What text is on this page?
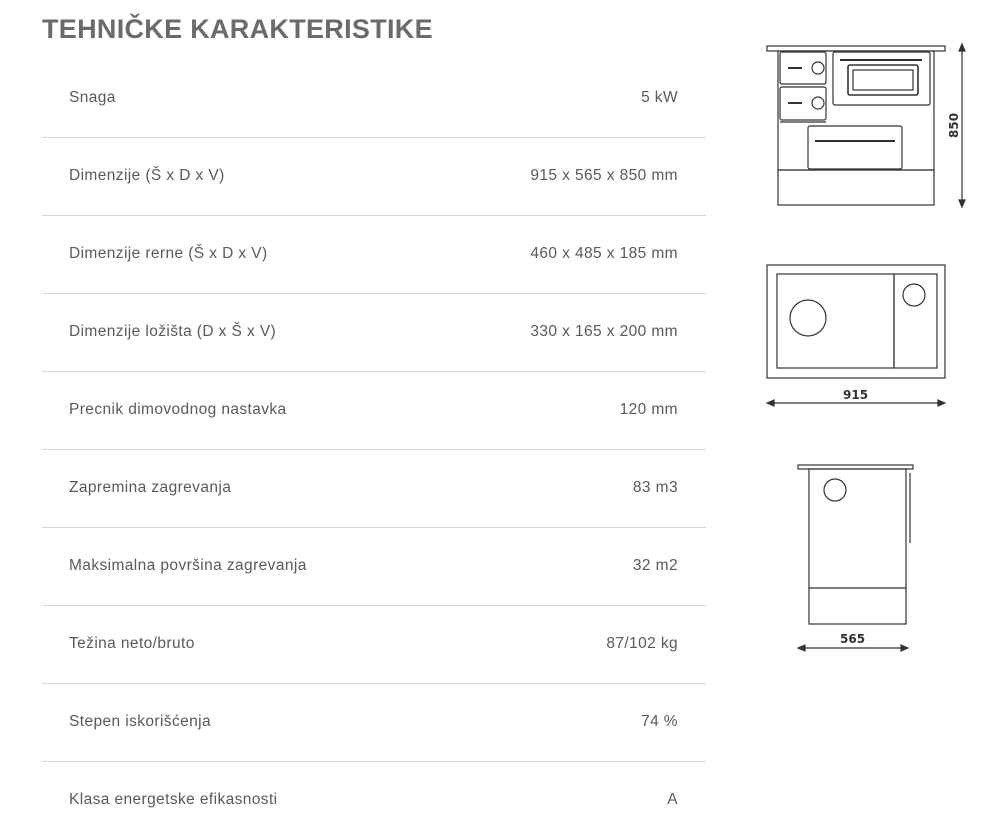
TEHNIČKE KARAKTERISTIKE
Snaga	5 kW
Dimenzije (Š x D x V)	915 x 565 x 850 mm
Dimenzije rerne (Š x D x V)	460 x 485 x 185 mm
Dimenzije ložišta (D x Š x V)	330 x 165 x 200 mm
Precnik dimovodnog nastavka	120 mm
Zapremina zagrevanja	83 m3
Maksimalna površina zagrevanja	32 m2
Težina neto/bruto	87/102 kg
Stepen iskorišćenja	74 %
Klasa energetske efikasnosti	A
850
915
565
